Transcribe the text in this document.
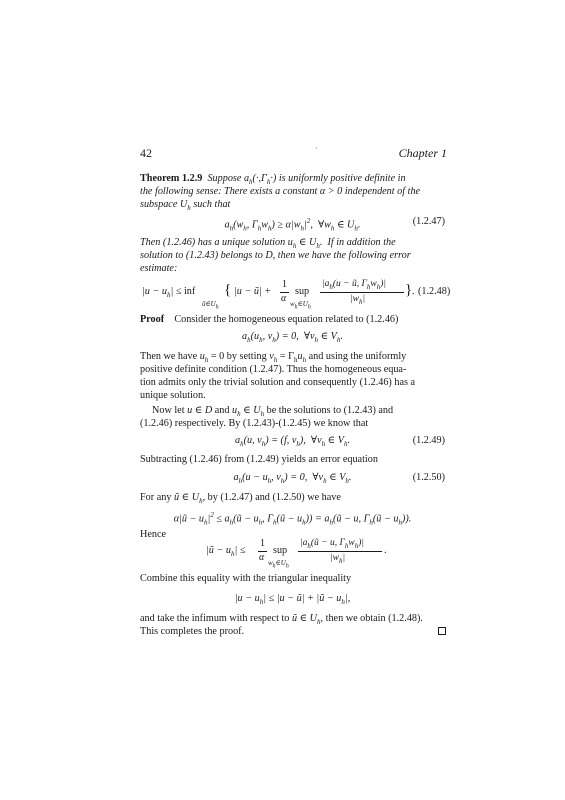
42	·	Chapter 1
Theorem 1.2.9  Suppose $a_h(\cdot,\Gamma_h\cdot)$ is uniformly positive definite in
the following sense: There exists a constant α > 0 independent of the
subspace $U_h$ such that
$a_h(w_h$, $\Gamma_hw_h) \ge \alpha|w_h|^2$,  $\forall w_h$ ∈ $U_h$.	(1.2.47)
Then (1.2.46) has a unique solution $u_h$ ∈ $U_h$.  If in addition the
solution to (1.2.43) belongs to D, then we have the following error
estimate:
$|u - u_h|$ ≤ inf
$ũ\in U_h$
{ |u − ũ| +
1
α
sup
$w_h\in U_h$
$|a_h(u$ − ũ, $\Gamma_hw_h)|$
$|w_h|$
} . (1.2.48)
Proof Consider the homogeneous equation related to (1.2.46)
$a_h(u_h$, $v_h) = 0$,  $\forall v_h$ ∈ $V_h$.
Then we have $u_h = 0$ by setting $v_h = \Gamma_hu_h$ and using the uniformly
positive definite condition (1.2.47). Thus the homogeneous equa-
tion admits only the trivial solution and consequently (1.2.46) has a
unique solution.
Now let u ∈ D and $u_h$ ∈ $U_h$ be the solutions to (1.2.43) and
(1.2.46) respectively. By (1.2.43)-(1.2.45) we know that
$a_h(u$, $v_h) = (f$, $v_h$),  $\forall v_h$ ∈ $V_h$.	(1.2.49)
Subtracting (1.2.46) from (1.2.49) yields an error equation
$a_h(u - u_h$, $v_h) = 0$,  $\forall v_h$ ∈ $V_h$.	(1.2.50)
For any ũ ∈ $U_h$, by (1.2.47) and (1.2.50) we have
α|ũ − $u_h|^2$ ≤ $a_h(ũ - u_h$, $\Gamma_h(ũ - u_h)$) = $a_h(ũ - u$, $\Gamma_h(ũ - u_h)$).
Hence
|ũ − $u_h|$ ≤
1
α
sup
$w_h\in U_h$
$|a_h(ũ - u$, $\Gamma_hw_h)|$
$|w_h|$
.
Combine this equality with the triangular inequality
$|u - u_h| \le |u$ − ũ| + |ũ − $u_h|$,
and take the infimum with respect to ũ ∈ $U_h$, then we obtain (1.2.48).
This completes the proof.
